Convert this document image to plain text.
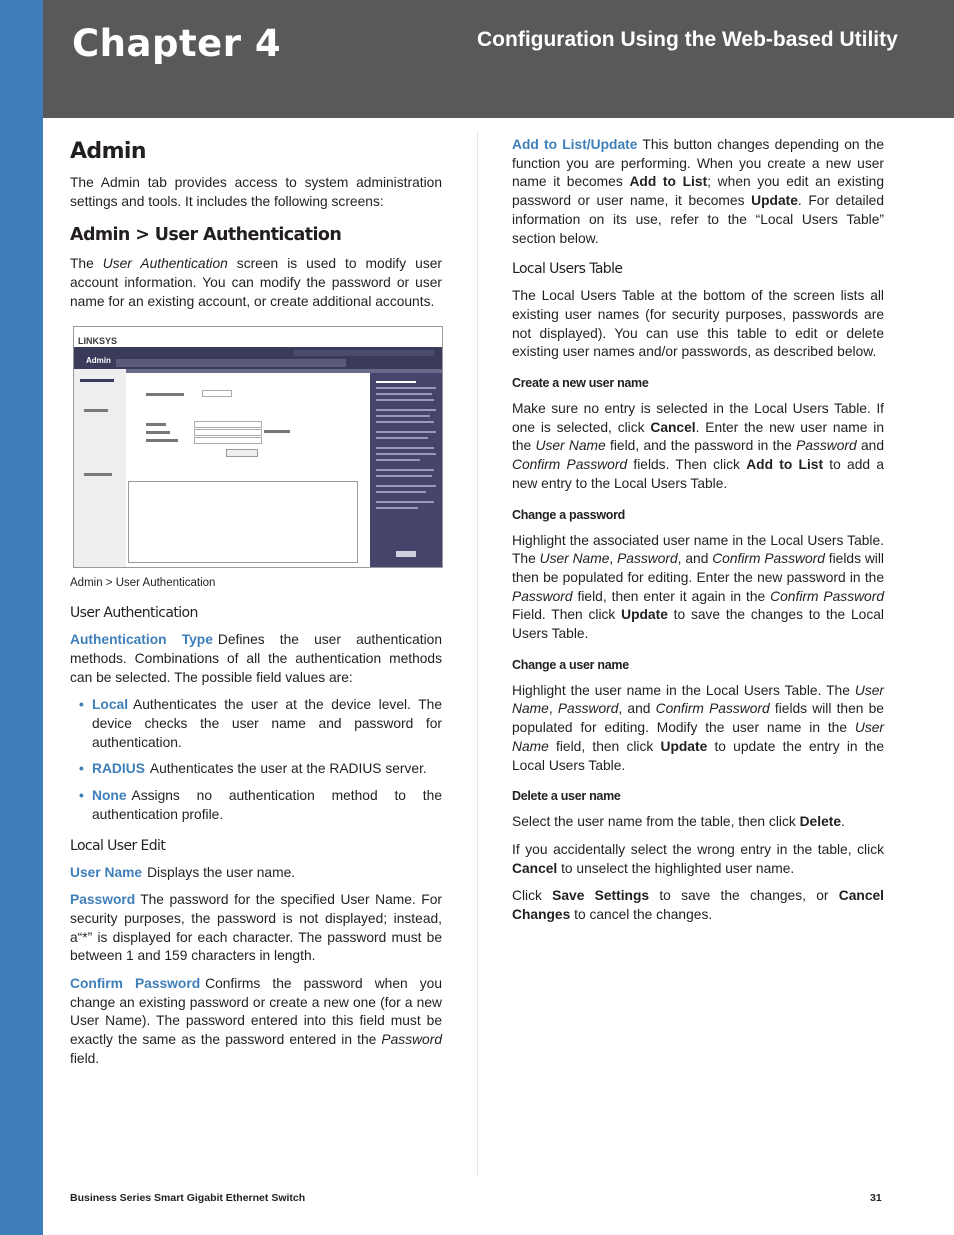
Chapter 4	Configuration Using the Web-based Utility
Admin

The Admin tab provides access to system administration settings and tools. It includes the following screens:

Admin > User Authentication

The User Authentication screen is used to modify user account information. You can modify the password or user name for an existing account, or create additional accounts.

LINKSYS
Admin

Admin > User Authentication

User Authentication

Authentication Type Defines the user authentication methods. Combinations of all the authentication methods can be selected. The possible field values are:

• Local Authenticates the user at the device level. The device checks the user name and password for authentication.
• RADIUS Authenticates the user at the RADIUS server.
• None Assigns no authentication method to the authentication profile.
Local User Edit

User Name Displays the user name.

Password The password for the specified User Name. For security purposes, the password is not displayed; instead, a“*” is displayed for each character. The password must be between 1 and 159 characters in length.

Confirm Password Confirms the password when you change an existing password or create a new one (for a new User Name). The password entered into this field must be exactly the same as the password entered in the Password field.

Add to List/Update This button changes depending on the function you are performing. When you create a new user name it becomes Add to List; when you edit an existing password or user name, it becomes Update. For detailed information on its use, refer to the “Local Users Table” section below.

Local Users Table

The Local Users Table at the bottom of the screen lists all existing user names (for security purposes, passwords are not displayed). You can use this table to edit or delete existing user names and/or passwords, as described below.

Create a new user name

Make sure no entry is selected in the Local Users Table. If one is selected, click Cancel. Enter the new user name in the User Name field, and the password in the Password and Confirm Password fields. Then click Add to List to add a new entry to the Local Users Table.

Change a password

Highlight the associated user name in the Local Users Table. The User Name, Password, and Confirm Password fields will then be populated for editing. Enter the new password in the Password field, then enter it again in the Confirm Password Field. Then click Update to save the changes to the Local Users Table.

Change a user name

Highlight the user name in the Local Users Table. The User Name, Password, and Confirm Password fields will then be populated for editing. Modify the user name in the User Name field, then click Update to update the entry in the Local Users Table.

Delete a user name

Select the user name from the table, then click Delete.

If you accidentally select the wrong entry in the table, click Cancel to unselect the highlighted user name.

Click Save Settings to save the changes, or Cancel Changes to cancel the changes.

Business Series Smart Gigabit Ethernet Switch	31
